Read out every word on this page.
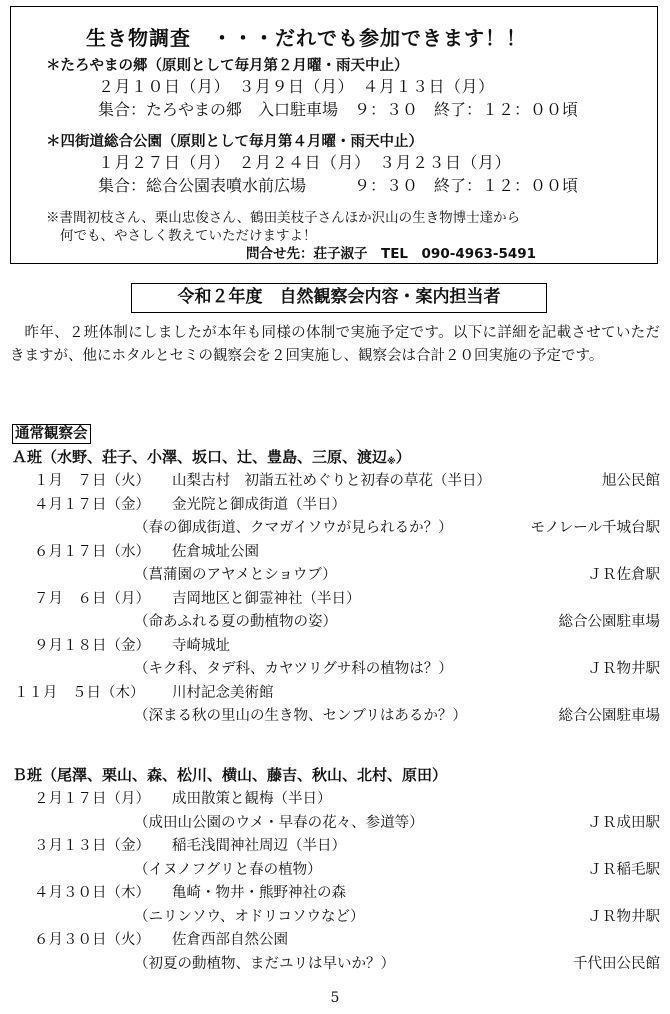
生き物調査　・・・だれでも参加できます！！
＊たろやまの郷（原則として毎月第２月曜・雨天中止）
２月１０日（月）　３月９日（月）　４月１３日（月）
集合：たろやまの郷　入口駐車場　９：３０　終了：１２：００頃
＊四街道総合公園（原則として毎月第４月曜・雨天中止）
１月２７日（月）　２月２４日（月）　３月２３日（月）
集合：総合公園表噴水前広場　　　９：３０　終了：１２：００頃
※書間初枝さん、栗山忠俊さん、鶴田美枝子さんほか沢山の生き物博士達から
何でも、やさしく教えていただけますよ！
問合せ先：荘子淑子　TEL　090-4963-5491
令和２年度　自然観察会内容・案内担当者
昨年、２班体制にしましたが本年も同様の体制で実施予定です。以下に詳細を記載させていただきますが、他にホタルとセミの観察会を２回実施し、観察会は合計２０回実施の予定です。
通常観察会
Ａ班（水野、荘子、小澤、坂口、辻、豊島、三原、渡辺※）
１月　７日（火） 山梨古村　初詣五社めぐりと初春の草花（半日）	旭公民館
４月１７日（金） 金光院と御成街道（半日）
（春の御成街道、クマガイソウが見られるか？）	モノレール千城台駅
６月１７日（水） 佐倉城址公園
（菖蒲園のアヤメとショウブ）	ＪＲ佐倉駅
７月　６日（月） 吉岡地区と御霊神社（半日）
（命あふれる夏の動植物の姿）	総合公園駐車場
９月１８日（金） 寺崎城址
（キク科、タデ科、カヤツリグサ科の植物は？）	ＪＲ物井駅
１１月　５日（木） 川村記念美術館
（深まる秋の里山の生き物、センブリはあるか？）	総合公園駐車場
Ｂ班（尾澤、栗山、森、松川、横山、藤吉、秋山、北村、原田）
２月１７日（月） 成田散策と観梅（半日）
（成田山公園のウメ・早春の花々、参道等）	ＪＲ成田駅
３月１３日（金） 稲毛浅間神社周辺（半日）
（イヌノフグリと春の植物）	ＪＲ稲毛駅
４月３０日（木） 亀崎・物井・熊野神社の森
（ニリンソウ、オドリコソウなど）	ＪＲ物井駅
６月３０日（火） 佐倉西部自然公園
（初夏の動植物、まだユリは早いか？）	千代田公民館
5
